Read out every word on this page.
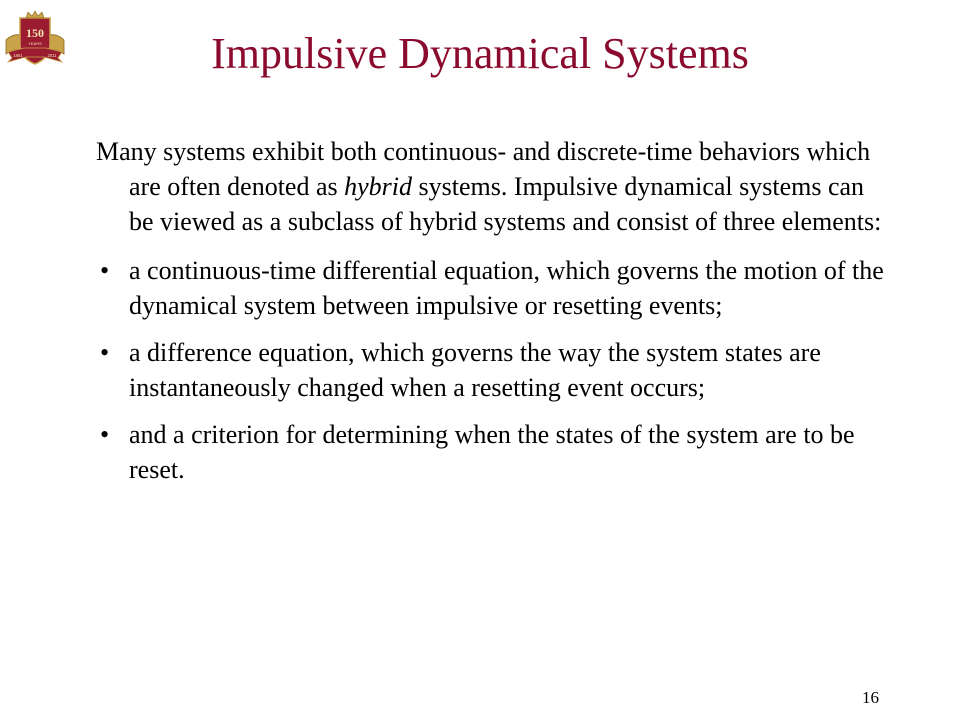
150
YEARS
1861	2011	Impulsive Dynamical Systems

Many systems exhibit both continuous- and discrete-time behaviors which are often denoted as hybrid systems. Impulsive dynamical systems can be viewed as a subclass of hybrid systems and consist of three elements:

• a continuous-time differential equation, which governs the motion of the dynamical system between impulsive or resetting events;
• a difference equation, which governs the way the system states are instantaneously changed when a resetting event occurs;
• and a criterion for determining when the states of the system are to be reset.
16
